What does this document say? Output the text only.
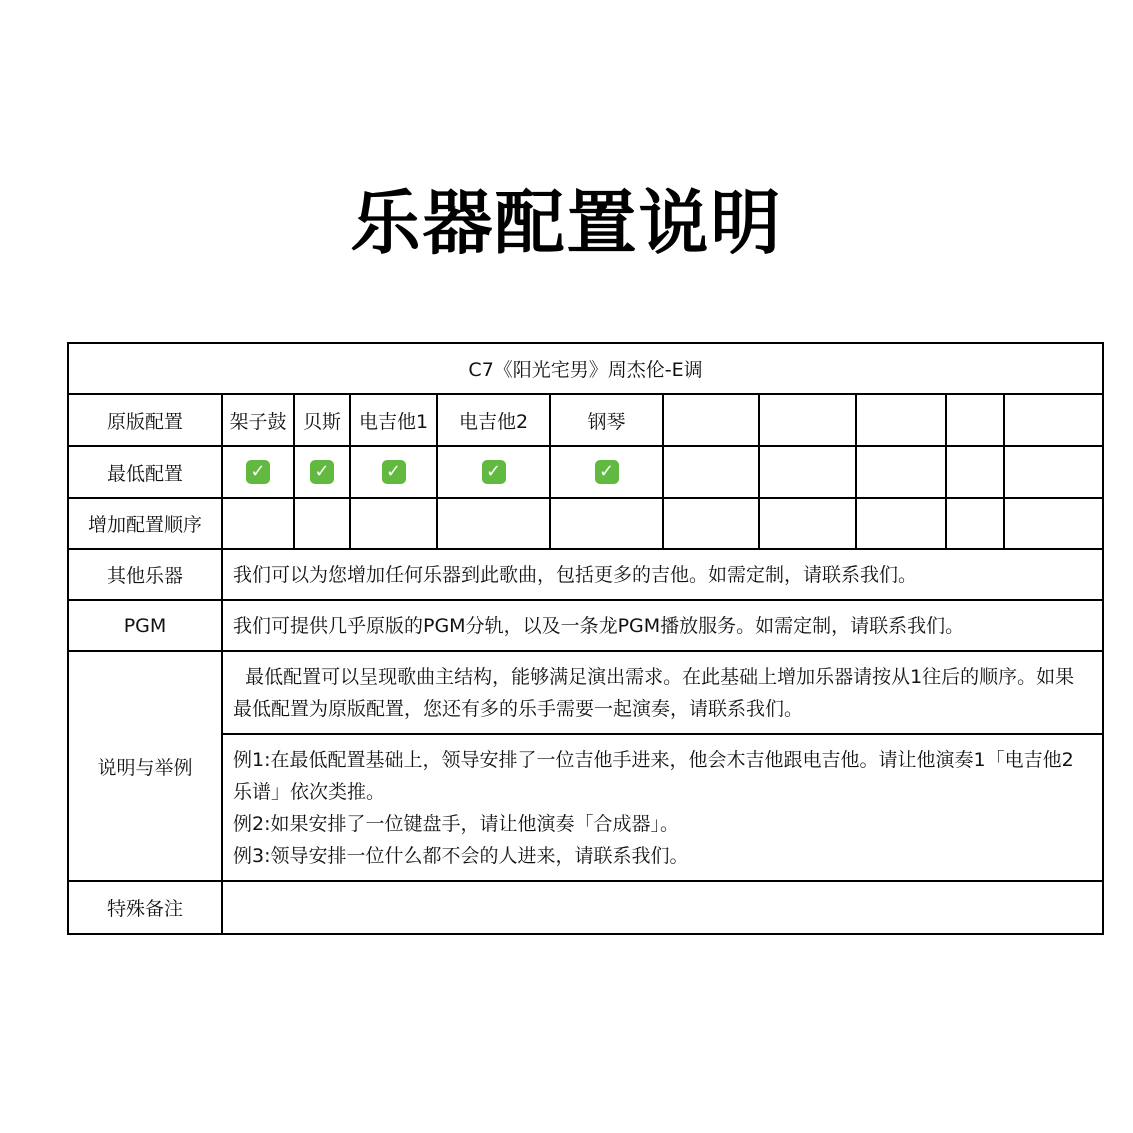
乐器配置说明
C7《阳光宅男》周杰伦-E调										
原版配置	架子鼓	贝斯	电吉他1	电吉他2	钢琴					
最低配置	✓	✓	✓	✓	✓					
增加配置顺序										
其他乐器	我们可以为您增加任何乐器到此歌曲，包括更多的吉他。如需定制，请联系我们。									
PGM	我们可提供几乎原版的PGM分轨，以及一条龙PGM播放服务。如需定制，请联系我们。									
说明与举例	最低配置可以呈现歌曲主结构，能够满足演出需求。在此基础上增加乐器请按从1往后的顺序。如果最低配置为原版配置，您还有多的乐手需要一起演奏，请联系我们。									

	例1:在最低配置基础上，领导安排了一位吉他手进来，他会木吉他跟电吉他。请让他演奏1「电吉他2乐谱」依次类推。
例2:如果安排了一位键盘手，请让他演奏「合成器」。
例3:领导安排一位什么都不会的人进来，请联系我们。									

特殊备注										
